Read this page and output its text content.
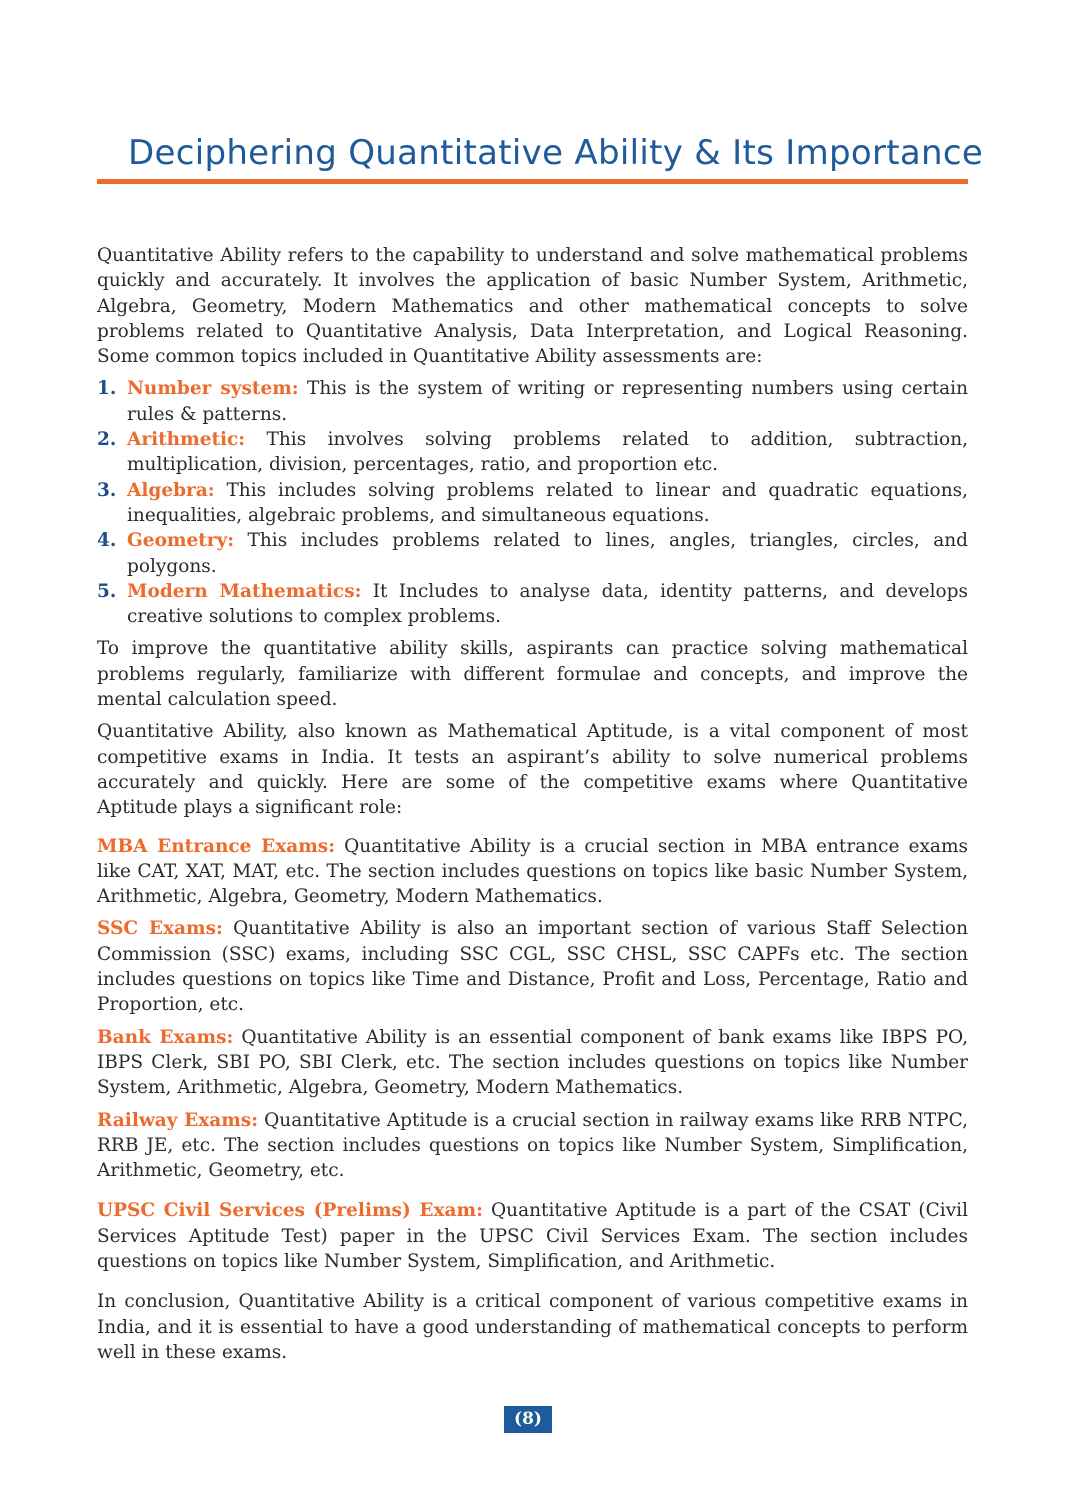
Deciphering Quantitative Ability & Its Importance

Quantitative Ability refers to the capability to understand and solve mathematical problems quickly and accurately. It involves the application of basic Number System, Arithmetic, Algebra, Geometry, Modern Mathematics and other mathematical concepts to solve problems related to Quantitative Analysis, Data Interpretation, and Logical Reasoning. Some common topics included in Quantitative Ability assessments are:

1. Number system: This is the system of writing or representing numbers using certain rules & patterns.
2. Arithmetic: This involves solving problems related to addition, subtraction, multiplication, division, percentages, ratio, and proportion etc.
3. Algebra: This includes solving problems related to linear and quadratic equations, inequalities, algebraic problems, and simultaneous equations.
4. Geometry: This includes problems related to lines, angles, triangles, circles, and polygons.
5. Modern Mathematics: It Includes to analyse data, identity patterns, and develops creative solutions to complex problems.

To improve the quantitative ability skills, aspirants can practice solving mathematical problems regularly, familiarize with different formulae and concepts, and improve the mental calculation speed.

Quantitative Ability, also known as Mathematical Aptitude, is a vital component of most competitive exams in India. It tests an aspirant’s ability to solve numerical problems accurately and quickly. Here are some of the competitive exams where Quantitative Aptitude plays a significant role:

MBA Entrance Exams: Quantitative Ability is a crucial section in MBA entrance exams like CAT, XAT, MAT, etc. The section includes questions on topics like basic Number System, Arithmetic, Algebra, Geometry, Modern Mathematics.

SSC Exams: Quantitative Ability is also an important section of various Staff Selection Commission (SSC) exams, including SSC CGL, SSC CHSL, SSC CAPFs etc. The section includes questions on topics like Time and Distance, Profit and Loss, Percentage, Ratio and Proportion, etc.

Bank Exams: Quantitative Ability is an essential component of bank exams like IBPS PO, IBPS Clerk, SBI PO, SBI Clerk, etc. The section includes questions on topics like Number System, Arithmetic, Algebra, Geometry, Modern Mathematics.

Railway Exams: Quantitative Aptitude is a crucial section in railway exams like RRB NTPC, RRB JE, etc. The section includes questions on topics like Number System, Simplification, Arithmetic, Geometry, etc.

UPSC Civil Services (Prelims) Exam: Quantitative Aptitude is a part of the CSAT (Civil Services Aptitude Test) paper in the UPSC Civil Services Exam. The section includes questions on topics like Number System, Simplification, and Arithmetic.

In conclusion, Quantitative Ability is a critical component of various competitive exams in India, and it is essential to have a good understanding of mathematical concepts to perform well in these exams.

(8)
